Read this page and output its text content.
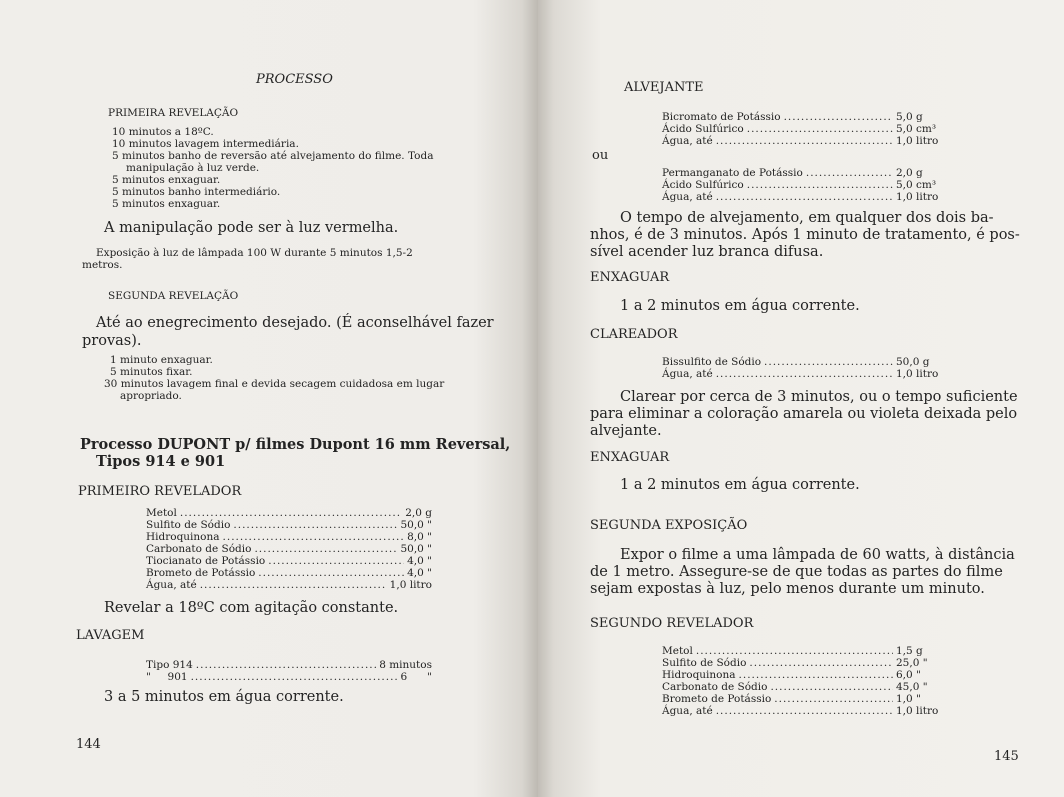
PROCESSO
PRIMEIRA REVELAÇÃO
10 minutos a 18ºC.
10 minutos lavagem intermediária.
5 minutos banho de reversão até alvejamento do filme. Toda
manipulação à luz verde.
5 minutos enxaguar.
5 minutos banho intermediário.
5 minutos enxaguar.
A manipulação pode ser à luz vermelha.
Exposição à luz de lâmpada 100 W durante 5 minutos 1,5-2
metros.
SEGUNDA REVELAÇÃO
Até ao enegrecimento desejado. (É aconselhável fazer
provas).
1 minuto enxaguar.
5 minutos fixar.
30 minutos lavagem final e devida secagem cuidadosa em lugar
apropriado.
Processo DUPONT p/ filmes Dupont 16 mm Reversal,
Tipos 914 e 901
PRIMEIRO REVELADOR
Metol .....	2,0 g
Sulfito de Sódio .....	50,0 "
Hidroquinona .....	8,0 "
Carbonato de Sódio .....	50,0 "
Tiocianato de Potássio .....	4,0 "
Brometo de Potássio .....	4,0 "
Água, até .....	1,0 litro
Revelar a 18ºC com agitação constante.
LAVAGEM
Tipo 914 .....	8 minutos
"     901 .....	6      "
3 a 5 minutos em água corrente.
144
ALVEJANTE
Bicromato de Potássio .....	5,0 g
Ácido Sulfúrico .....	5,0 cm³
Água, até .....	1,0 litro
ou
Permanganato de Potássio .....	2,0 g
Ácido Sulfúrico .....	5,0 cm³
Água, até .....	1,0 litro
O tempo de alvejamento, em qualquer dos dois ba-
nhos, é de 3 minutos. Após 1 minuto de tratamento, é pos-
sível acender luz branca difusa.
ENXAGUAR
1 a 2 minutos em água corrente.
CLAREADOR
Bissulfito de Sódio .....	50,0 g
Água, até .....	1,0 litro
Clarear por cerca de 3 minutos, ou o tempo suficiente
para eliminar a coloração amarela ou violeta deixada pelo
alvejante.
ENXAGUAR
1 a 2 minutos em água corrente.
SEGUNDA EXPOSIÇÃO
Expor o filme a uma lâmpada de 60 watts, à distância
de 1 metro. Assegure-se de que todas as partes do filme
sejam expostas à luz, pelo menos durante um minuto.
SEGUNDO REVELADOR
Metol .....	1,5 g
Sulfito de Sódio .....	25,0 "
Hidroquinona .....	6,0 "
Carbonato de Sódio .....	45,0 "
Brometo de Potássio .....	1,0 "
Água, até .....	1,0 litro
145
